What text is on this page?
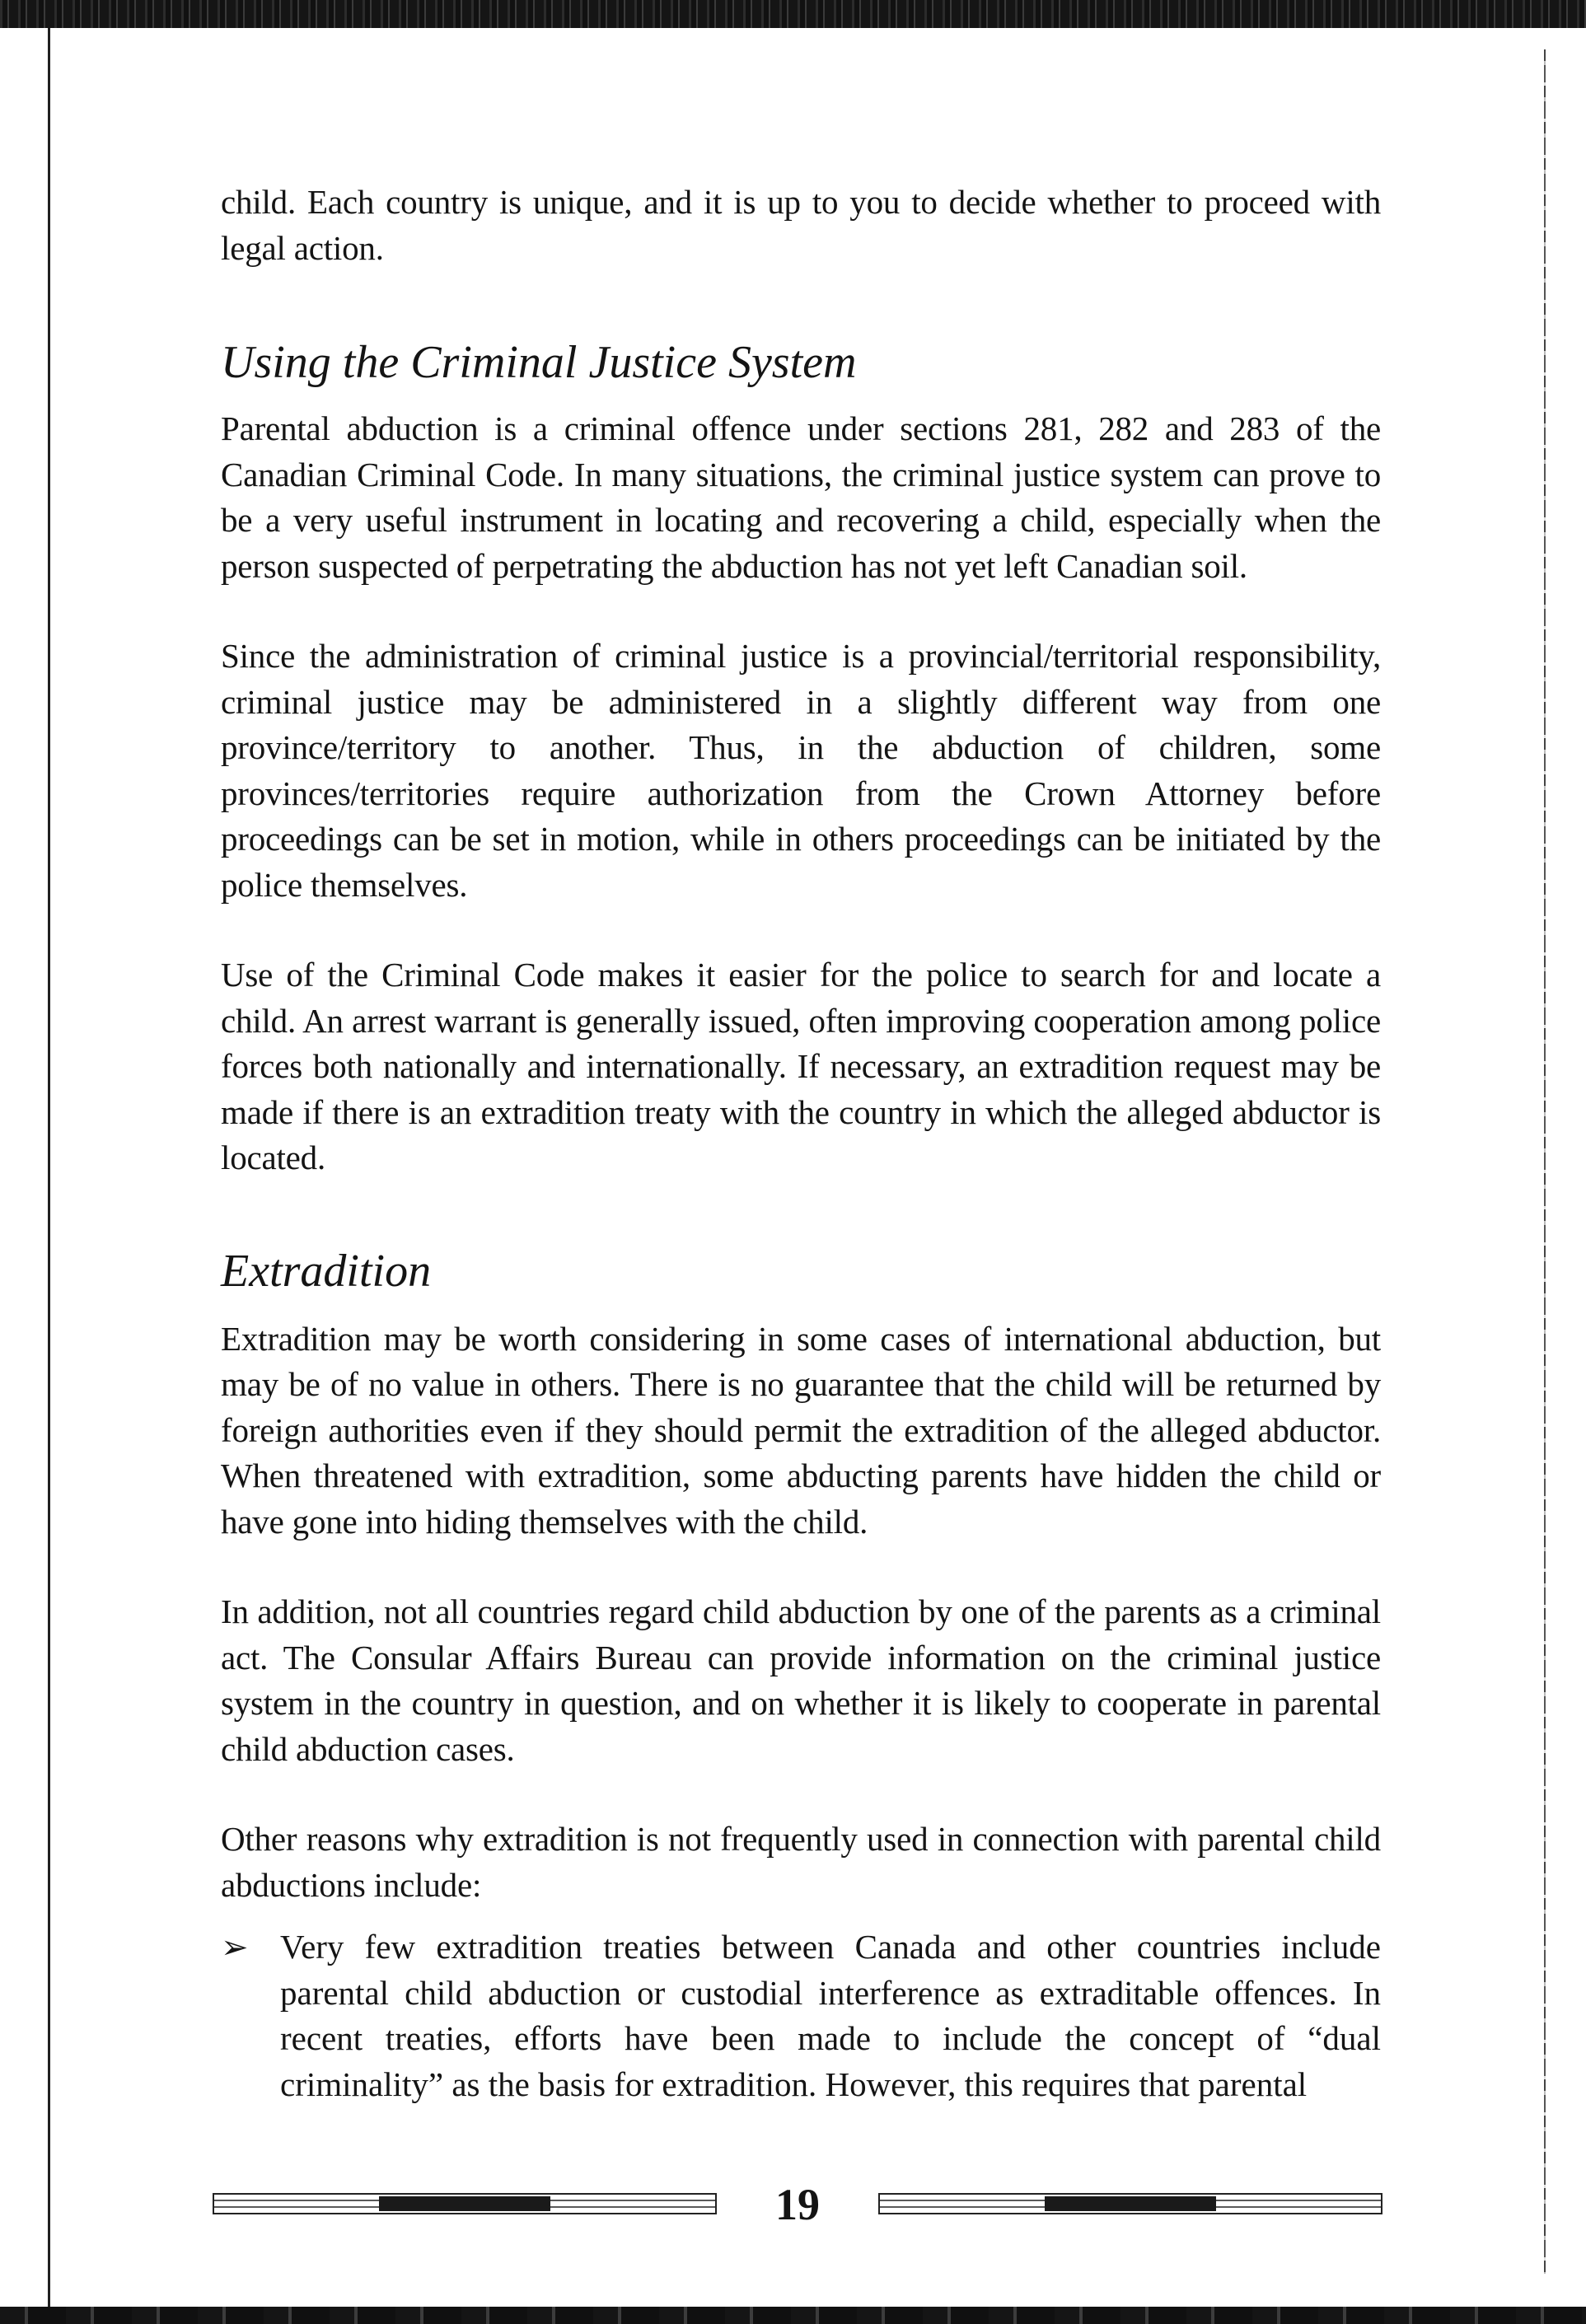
child. Each country is unique, and it is up to you to decide whether to proceed with legal action.

Using the Criminal Justice System

Parental abduction is a criminal offence under sections 281, 282 and 283 of the Canadian Criminal Code. In many situations, the criminal justice system can prove to be a very useful instrument in locating and recovering a child, especially when the person suspected of perpetrating the abduction has not yet left Canadian soil.

Since the administration of criminal justice is a provincial/territorial responsibility, criminal justice may be administered in a slightly different way from one province/territory to another. Thus, in the abduction of children, some provinces/territories require authorization from the Crown Attorney before proceedings can be set in motion, while in others proceedings can be initiated by the police themselves.

Use of the Criminal Code makes it easier for the police to search for and locate a child. An arrest warrant is generally issued, often improving cooperation among police forces both nationally and internationally. If necessary, an extradition request may be made if there is an extradition treaty with the country in which the alleged abductor is located.

Extradition

Extradition may be worth considering in some cases of international abduction, but may be of no value in others. There is no guarantee that the child will be returned by foreign authorities even if they should permit the extradition of the alleged abductor. When threatened with extradition, some abducting parents have hidden the child or have gone into hiding themselves with the child.

In addition, not all countries regard child abduction by one of the parents as a criminal act. The Consular Affairs Bureau can provide information on the criminal justice system in the country in question, and on whether it is likely to cooperate in parental child abduction cases.

Other reasons why extradition is not frequently used in connection with parental child abductions include:

➢ Very few extradition treaties between Canada and other countries include parental child abduction or custodial interference as extraditable offences. In recent treaties, efforts have been made to include the concept of “dual criminality” as the basis for extradition. However, this requires that parental
19
